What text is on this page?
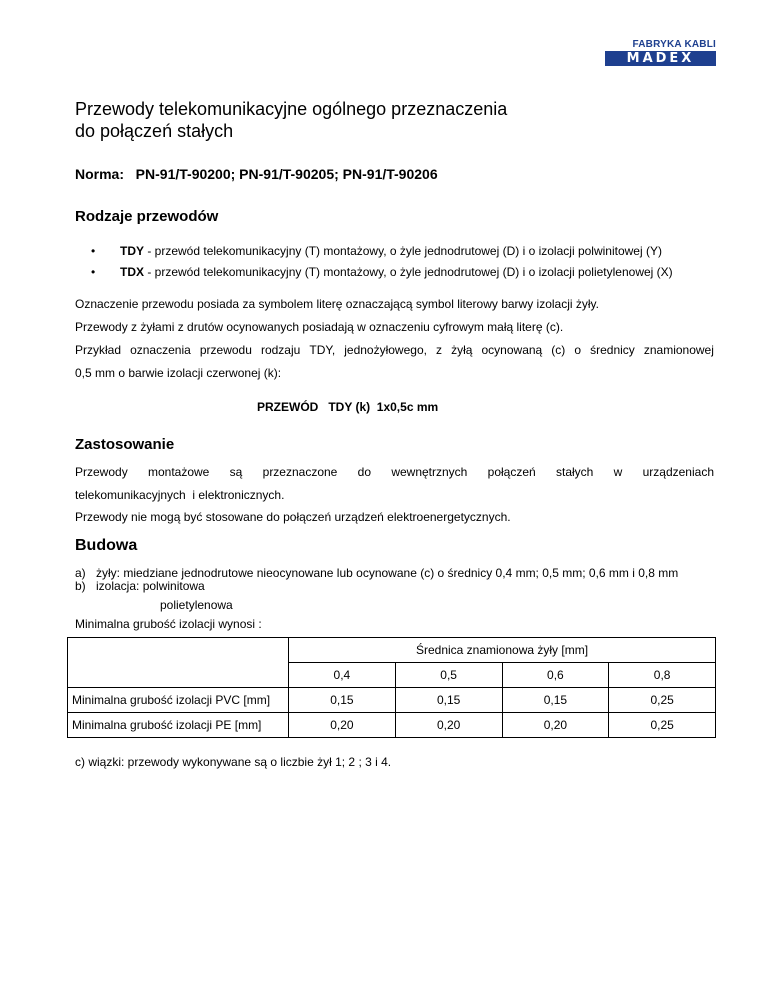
FABRYKA KABLI
MADEX
Przewody telekomunikacyjne ogólnego przeznaczenia
do połączeń stałych
Norma:   PN-91/T-90200; PN-91/T-90205; PN-91/T-90206
Rodzaje przewodów
• TDY - przewód telekomunikacyjny (T) montażowy, o żyle jednodrutowej (D) i o izolacji polwinitowej (Y)
• TDX - przewód telekomunikacyjny (T) montażowy, o żyle jednodrutowej (D) i o izolacji polietylenowej (X)
Oznaczenie przewodu posiada za symbolem literę oznaczającą symbol literowy barwy izolacji żyły.
Przewody z żyłami z drutów ocynowanych posiadają w oznaczeniu cyfrowym małą literę (c).
Przykład oznaczenia przewodu rodzaju TDY, jednożyłowego, z żyłą ocynowaną (c) o średnicy znamionowej
0,5 mm o barwie izolacji czerwonej (k):
PRZEWÓD   TDY (k)  1x0,5c mm
Zastosowanie
Przewody montażowe są przeznaczone do wewnętrznych połączeń stałych w urządzeniach
telekomunikacyjnych  i elektronicznych.
Przewody nie mogą być stosowane do połączeń urządzeń elektroenergetycznych.
Budowa
a) żyły: miedziane jednodrutowe nieocynowane lub ocynowane (c) o średnicy 0,4 mm; 0,5 mm; 0,6 mm i 0,8 mm
b) izolacja: polwinitowa
polietylenowa
Minimalna grubość izolacji wynosi :
	Średnica znamionowa żyły [mm]			
	0,4	0,5	0,6	0,8
Minimalna grubość izolacji PVC [mm]	0,15	0,15	0,15	0,25
Minimalna grubość izolacji PE [mm]	0,20	0,20	0,20	0,25
c) wiązki: przewody wykonywane są o liczbie żył 1; 2 ; 3 i 4.
